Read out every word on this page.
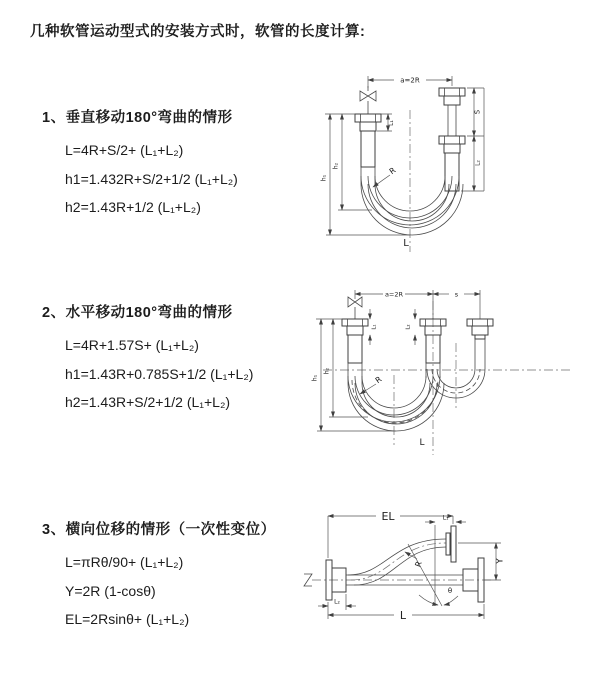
几种软管运动型式的安装方式时，软管的长度计算:

1、垂直移动180°弯曲的情形

L=4R+S/2+ (L₁+L₂)

h1=1.432R+S/2+1/2 (L₁+L₂)

h2=1.43R+1/2 (L₁+L₂)

2、水平移动180°弯曲的情形

L=4R+1.57S+ (L₁+L₂)

h1=1.43R+0.785S+1/2 (L₁+L₂)

h2=1.43R+S/2+1/2 (L₁+L₂)

3、横向位移的情形（一次性变位）

L=πRθ/90+ (L₁+L₂)

Y=2R (1-cosθ)

EL=2Rsinθ+ (L₁+L₂)

a=2R
L₁
S
L₂
h₁
h₂	R
L
a=2R	s
h₁
h₂
L₁	L₂
R
L
EL	L₁
Y
θ
R
L₂
L
